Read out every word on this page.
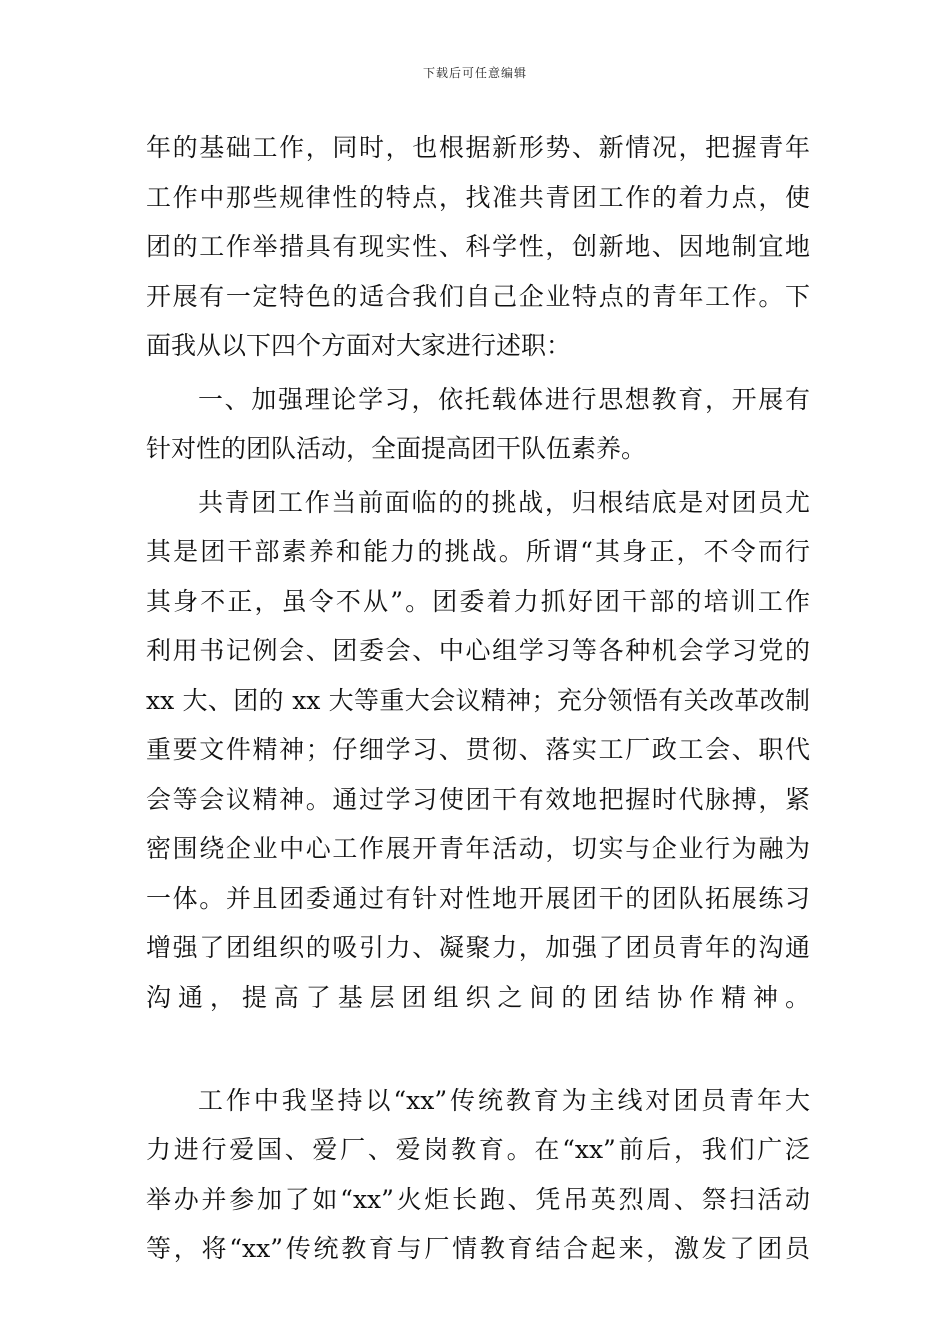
下载后可任意编辑
年的基础工作，同时，也根据新形势、新情况，把握青年
工作中那些规律性的特点，找准共青团工作的着力点，使
团的工作举措具有现实性、科学性，创新地、因地制宜地
开展有一定特色的适合我们自己企业特点的青年工作。下
面我从以下四个方面对大家进行述职：
一、加强理论学习，依托载体进行思想教育，开展有
针对性的团队活动，全面提高团干队伍素养。
共青团工作当前面临的的挑战，归根结底是对团员尤
其是团干部素养和能力的挑战。所谓“其身正，不令而行
其身不正，虽令不从”。团委着力抓好团干部的培训工作
利用书记例会、团委会、中心组学习等各种机会学习党的
xx 大、团的 xx 大等重大会议精神；充分领悟有关改革改制
重要文件精神；仔细学习、贯彻、落实工厂政工会、职代
会等会议精神。通过学习使团干有效地把握时代脉搏，紧
密围绕企业中心工作展开青年活动，切实与企业行为融为
一体。并且团委通过有针对性地开展团干的团队拓展练习
增强了团组织的吸引力、凝聚力，加强了团员青年的沟通
沟通，提高了基层团组织之间的团结协作精神。
工作中我坚持以“xx”传统教育为主线对团员青年大
力进行爱国、爱厂、爱岗教育。在“xx”前后，我们广泛
举办并参加了如“xx”火炬长跑、凭吊英烈周、祭扫活动
等，将“xx”传统教育与厂情教育结合起来，激发了团员
